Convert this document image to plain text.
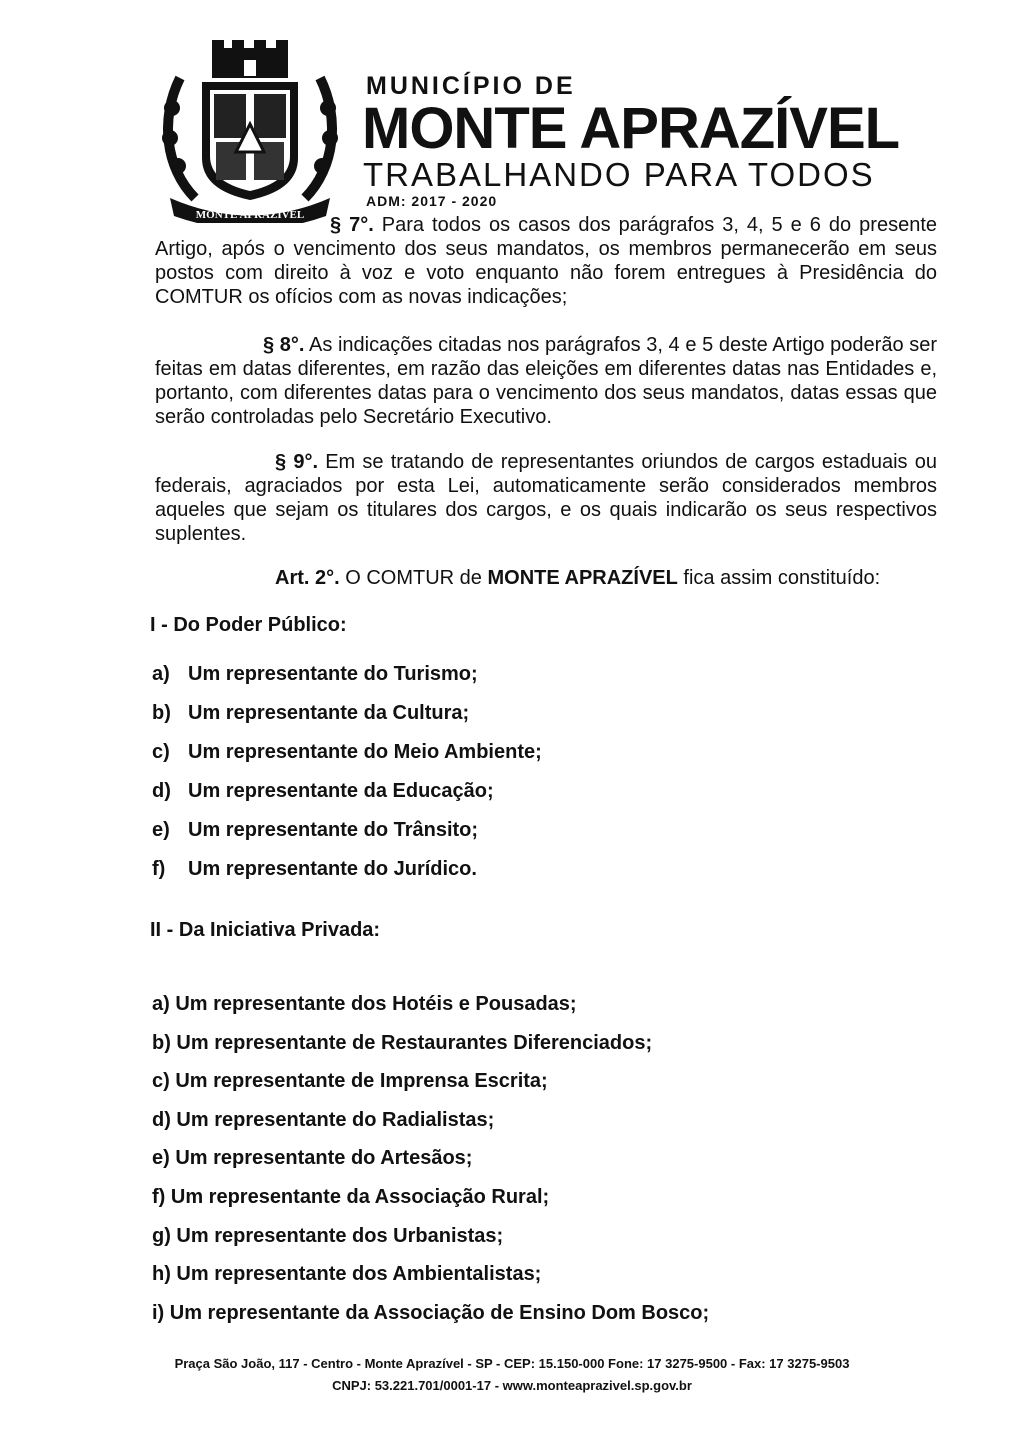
MONTE APRAZÍVEL
MUNICÍPIO DE
MONTE APRAZÍVEL
TRABALHANDO PARA TODOS
ADM: 2017 - 2020
§ 7°. Para todos os casos dos parágrafos 3, 4, 5 e 6 do presente Artigo, após o vencimento dos seus mandatos, os membros permanecerão em seus postos com direito à voz e voto enquanto não forem entregues à Presidência do COMTUR os ofícios com as novas indicações;
§ 8°. As indicações citadas nos parágrafos 3, 4 e 5 deste Artigo poderão ser feitas em datas diferentes, em razão das eleições em diferentes datas nas Entidades e, portanto, com diferentes datas para o vencimento dos seus mandatos, datas essas que serão controladas pelo Secretário Executivo.
§ 9°. Em se tratando de representantes oriundos de cargos estaduais ou federais, agraciados por esta Lei, automaticamente serão considerados membros aqueles que sejam os titulares dos cargos, e os quais indicarão os seus respectivos suplentes.
Art. 2°. O COMTUR de MONTE APRAZÍVEL fica assim constituído:
I - Do Poder Público:
a) Um representante do Turismo;
b) Um representante da Cultura;
c) Um representante do Meio Ambiente;
d) Um representante da Educação;
e) Um representante do Trânsito;
f) Um representante do Jurídico.
II - Da Iniciativa Privada:
a) Um representante dos Hotéis e Pousadas;
b) Um representante de Restaurantes Diferenciados;
c) Um representante de Imprensa Escrita;
d) Um representante do Radialistas;
e) Um representante do Artesãos;
f) Um representante da Associação Rural;
g) Um representante dos Urbanistas;
h) Um representante dos Ambientalistas;
i) Um representante da Associação de Ensino Dom Bosco;
Praça São João, 117 - Centro - Monte Aprazível - SP - CEP: 15.150-000 Fone: 17 3275-9500 - Fax: 17 3275-9503
CNPJ: 53.221.701/0001-17 - www.monteaprazivel.sp.gov.br
